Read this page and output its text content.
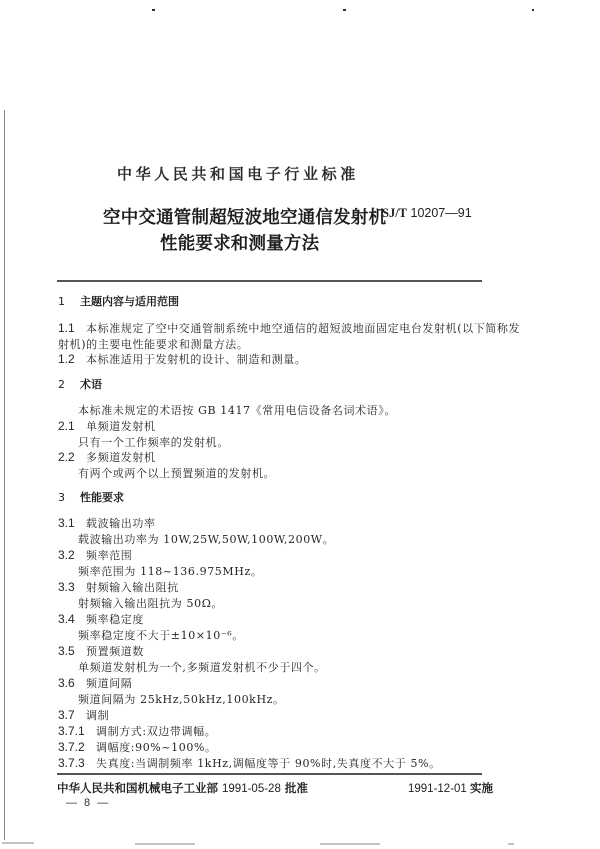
中华人民共和国电子行业标准
空中交通管制超短波地空通信发射机
性能要求和测量方法
SJ/T 10207—91
1 主题内容与适用范围
1.1 本标准规定了空中交通管制系统中地空通信的超短波地面固定电台发射机(以下简称发
射机)的主要电性能要求和测量方法。
1.2 本标准适用于发射机的设计、制造和测量。
2 术语
本标准未规定的术语按 GB 1417《常用电信设备名词术语》。
2.1 单频道发射机
只有一个工作频率的发射机。
2.2 多频道发射机
有两个或两个以上预置频道的发射机。
3 性能要求
3.1 载波输出功率
载波输出功率为 10W,25W,50W,100W,200W。
3.2 频率范围
频率范围为 118~136.975MHz。
3.3 射频输入输出阻抗
射频输入输出阻抗为 50Ω。
3.4 频率稳定度
频率稳定度不大于±10×10⁻⁶。
3.5 预置频道数
单频道发射机为一个,多频道发射机不少于四个。
3.6 频道间隔
频道间隔为 25kHz,50kHz,100kHz。
3.7 调制
3.7.1 调制方式:双边带调幅。
3.7.2 调幅度:90%~100%。
3.7.3 失真度:当调制频率 1kHz,调幅度等于 90%时,失真度不大于 5%。
中华人民共和国机械电子工业部 1991-05-28 批准	1991-12-01 实施
— 8 —
